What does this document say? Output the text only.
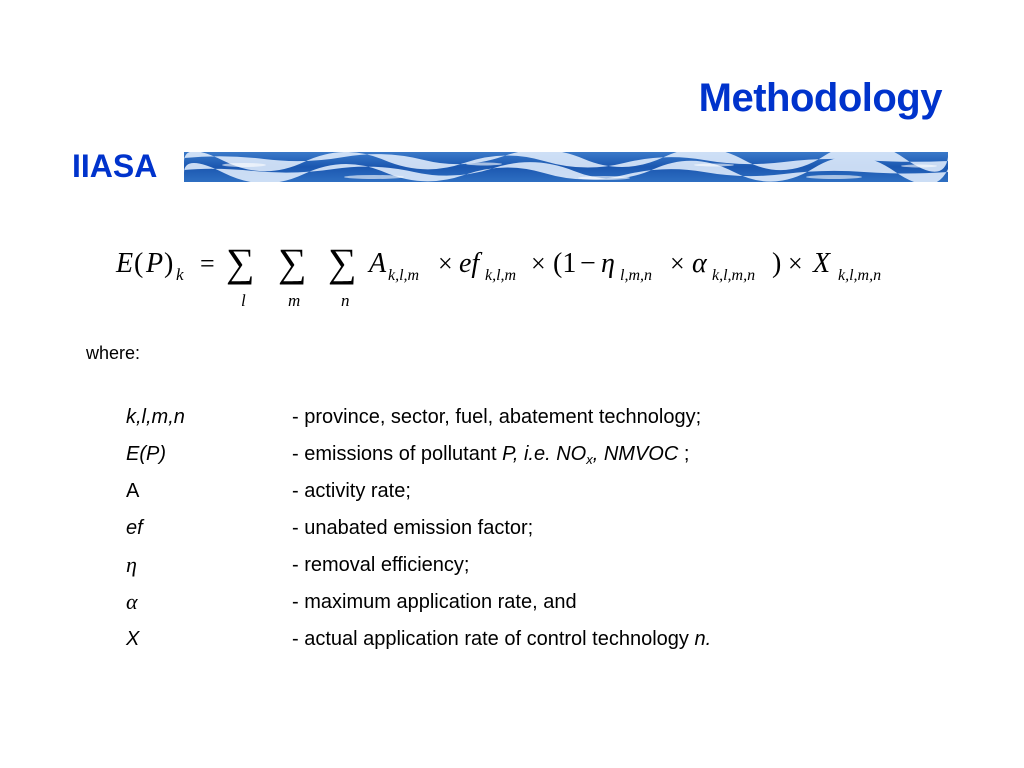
Methodology
IIASA
E ( P ) k = ∑
l
∑
m
∑
n
A k,l,m × ef k,l,m × (1 − η l,m,n × α k,l,m,n ) × X k,l,m,n
where:
k,l,m,n	- province, sector, fuel, abatement technology;
E(P)	- emissions of pollutant P, i.e. $NO_x$, NMVOC ;
A	- activity rate;
ef	- unabated emission factor;
η	- removal efficiency;
α	- maximum application rate, and
X	- actual application rate of control technology n.
